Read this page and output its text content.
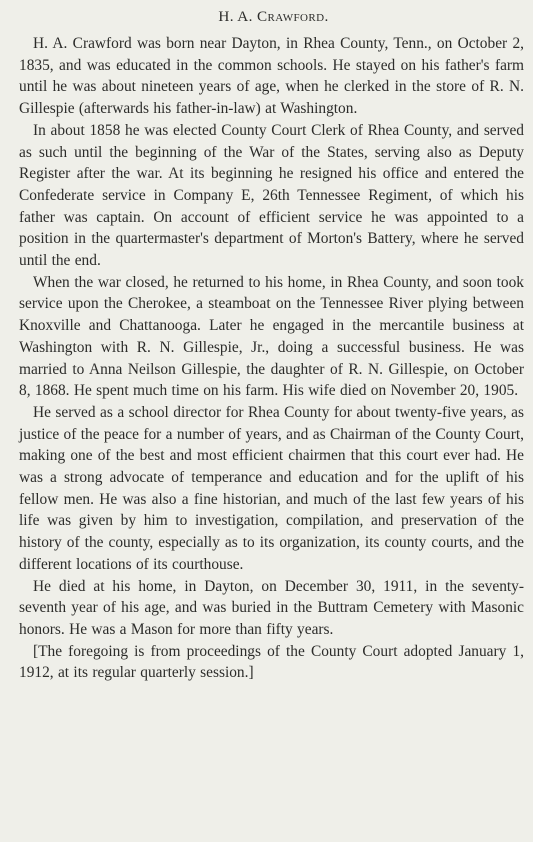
H. A. Crawford.

H. A. Crawford was born near Dayton, in Rhea County, Tenn., on October 2, 1835, and was educated in the common schools. He stayed on his father's farm until he was about nineteen years of age, when he clerked in the store of R. N. Gillespie (afterwards his father-in-law) at Washington.

In about 1858 he was elected County Court Clerk of Rhea County, and served as such until the beginning of the War of the States, serving also as Deputy Register after the war. At its beginning he resigned his office and entered the Confederate service in Company E, 26th Tennessee Regiment, of which his father was captain. On account of efficient service he was appointed to a position in the quartermaster's department of Morton's Battery, where he served until the end.

When the war closed, he returned to his home, in Rhea County, and soon took service upon the Cherokee, a steamboat on the Tennessee River plying between Knoxville and Chattanooga. Later he engaged in the mercantile business at Washington with R. N. Gillespie, Jr., doing a successful business. He was married to Anna Neilson Gillespie, the daughter of R. N. Gillespie, on October 8, 1868. He spent much time on his farm. His wife died on November 20, 1905.

He served as a school director for Rhea County for about twenty-five years, as justice of the peace for a number of years, and as Chairman of the County Court, making one of the best and most efficient chairmen that this court ever had. He was a strong advocate of temperance and education and for the uplift of his fellow men. He was also a fine historian, and much of the last few years of his life was given by him to investigation, compilation, and preservation of the history of the county, especially as to its organization, its county courts, and the different locations of its courthouse.

He died at his home, in Dayton, on December 30, 1911, in the seventy-seventh year of his age, and was buried in the Buttram Cemetery with Masonic honors. He was a Mason for more than fifty years.

[The foregoing is from proceedings of the County Court adopted January 1, 1912, at its regular quarterly session.]
